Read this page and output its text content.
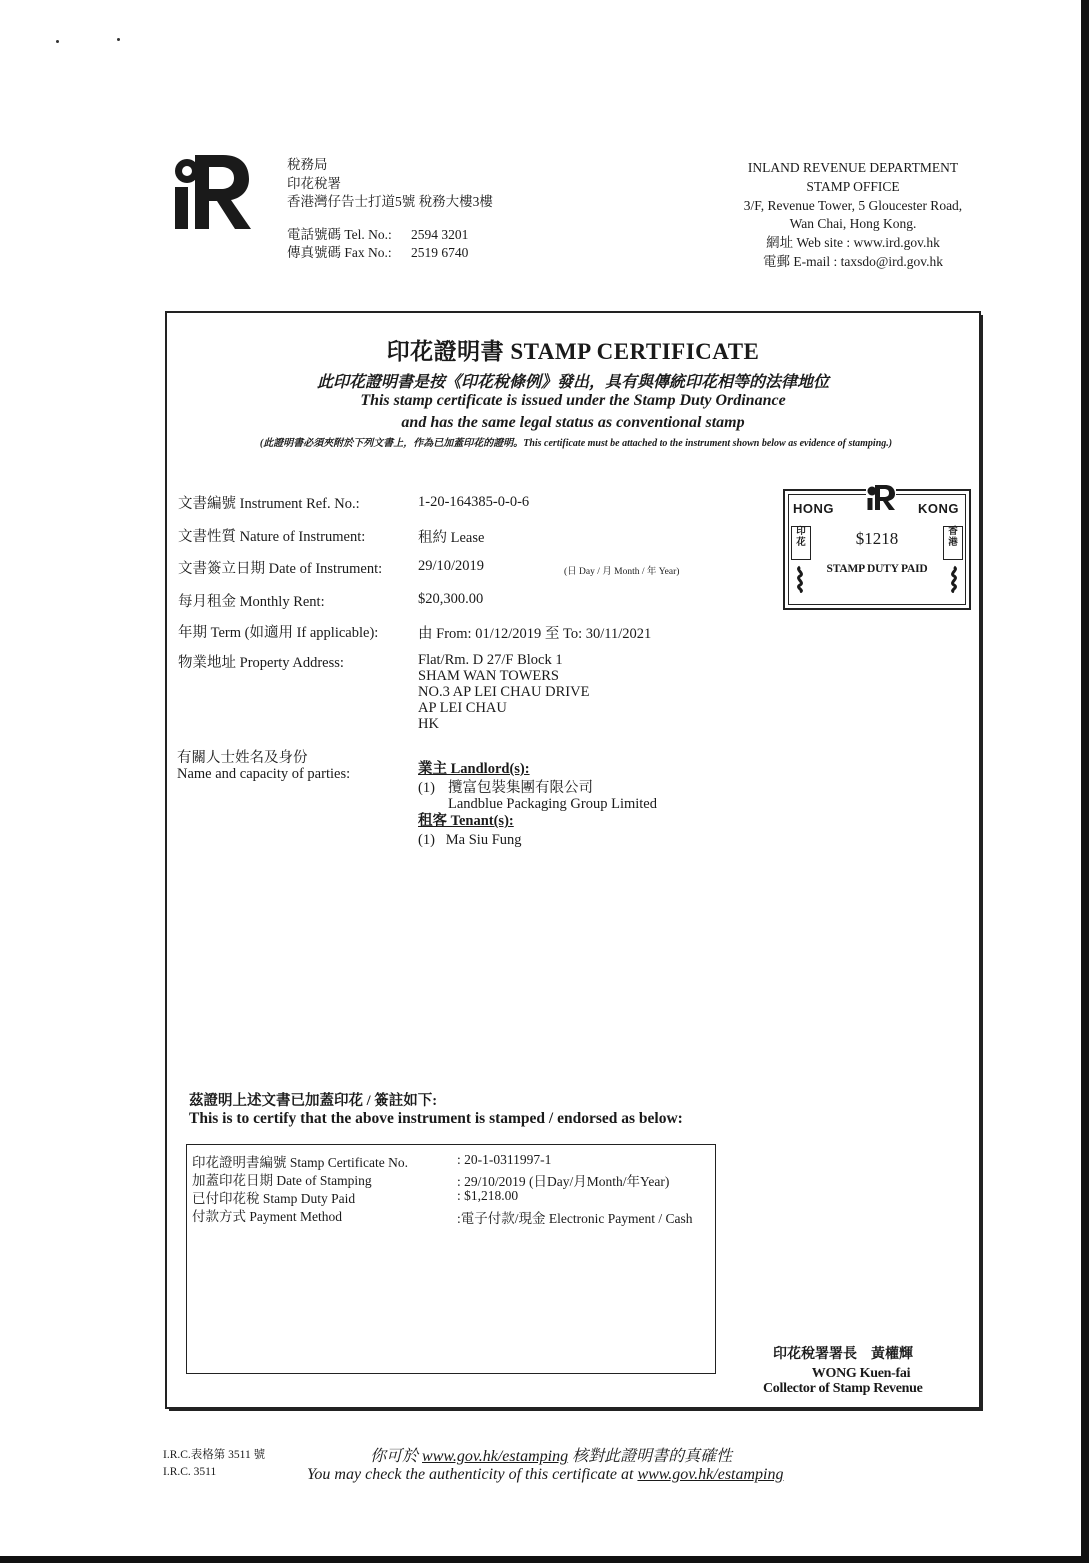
稅務局
印花稅署
香港灣仔告士打道5號 稅務大樓3樓
電話號碼 Tel. No.:	2594 3201
傳真號碼 Fax No.:	2519 6740
INLAND REVENUE DEPARTMENT
STAMP OFFICE
3/F, Revenue Tower, 5 Gloucester Road,
Wan Chai, Hong Kong.
網址 Web site : www.ird.gov.hk
電郵 E-mail : taxsdo@ird.gov.hk
印花證明書 STAMP CERTIFICATE
此印花證明書是按《印花稅條例》發出，具有與傳統印花相等的法律地位
This stamp certificate is issued under the Stamp Duty Ordinance
and has the same legal status as conventional stamp
(此證明書必須夾附於下列文書上，作為已加蓋印花的證明。This certificate must be attached to the instrument shown below as evidence of stamping.)
文書編號 Instrument Ref. No.:	1-20-164385-0-0-6
文書性質 Nature of Instrument:	租約 Lease
文書簽立日期 Date of Instrument: 29/10/2019	(日 Day / 月 Month / 年 Year)
每月租金 Monthly Rent:	$20,300.00
年期 Term (如適用 If applicable):	由 From: 01/12/2019 至 To: 30/11/2021
物業地址 Property Address:	Flat/Rm. D 27/F Block 1
SHAM WAN TOWERS
NO.3 AP LEI CHAU DRIVE
AP LEI CHAU
HK
有關人士姓名及身份
Name and capacity of parties:	業主 Landlord(s):
(1) 攬富包裝集團有限公司
Landblue Packaging Group Limited
租客 Tenant(s):
(1)   Ma Siu Fung
HONG	KONG
印花
香港
$1218
STAMP DUTY PAID
茲證明上述文書已加蓋印花 / 簽註如下:
This is to certify that the above instrument is stamped / endorsed as below:
印花證明書編號 Stamp Certificate No.	: 20-1-0311997-1
加蓋印花日期 Date of Stamping	: 29/10/2019 (日Day/月Month/年Year)
已付印花稅 Stamp Duty Paid	: $1,218.00
付款方式 Payment Method	:電子付款/現金 Electronic Payment / Cash
印花稅署署長　黃權輝
WONG Kuen-fai
Collector of Stamp Revenue
I.R.C.表格第 3511 號
I.R.C. 3511
你可於 www.gov.hk/estamping 核對此證明書的真確性
You may check the authenticity of this certificate at www.gov.hk/estamping
